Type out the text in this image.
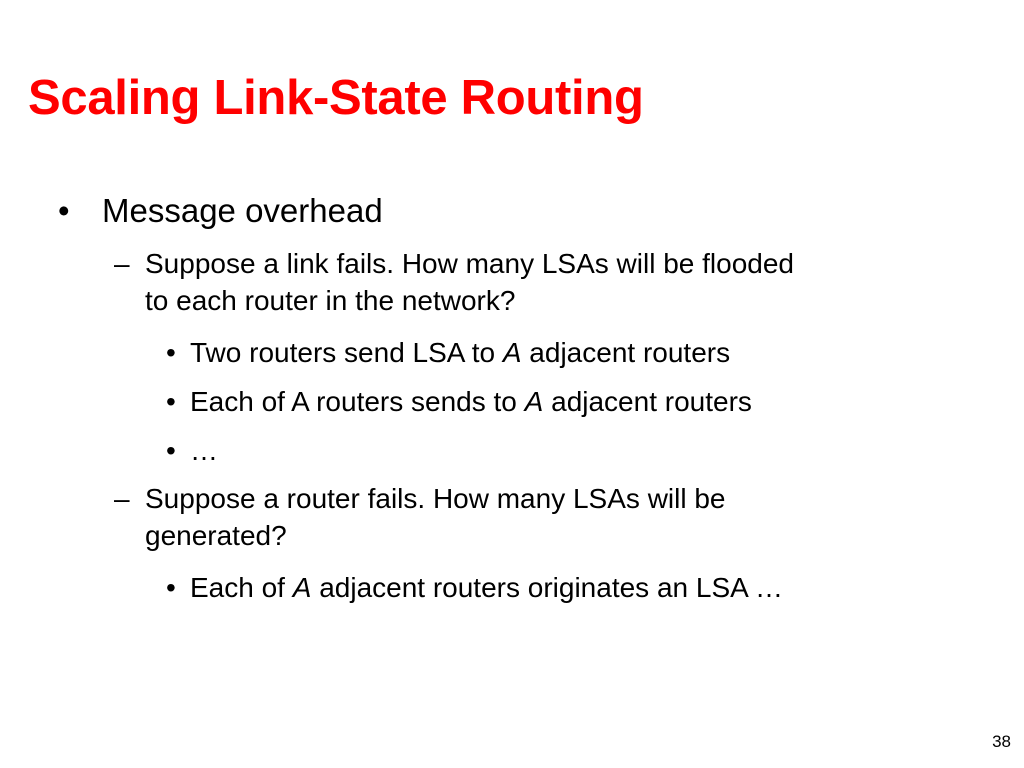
Scaling Link-State Routing
• Message overhead
– Suppose a link fails. How many LSAs will be flooded
to each router in the network?
• Two routers send LSA to A adjacent routers
• Each of A routers sends to A adjacent routers
• …
– Suppose a router fails. How many LSAs will be
generated?
• Each of A adjacent routers originates an LSA …
38
